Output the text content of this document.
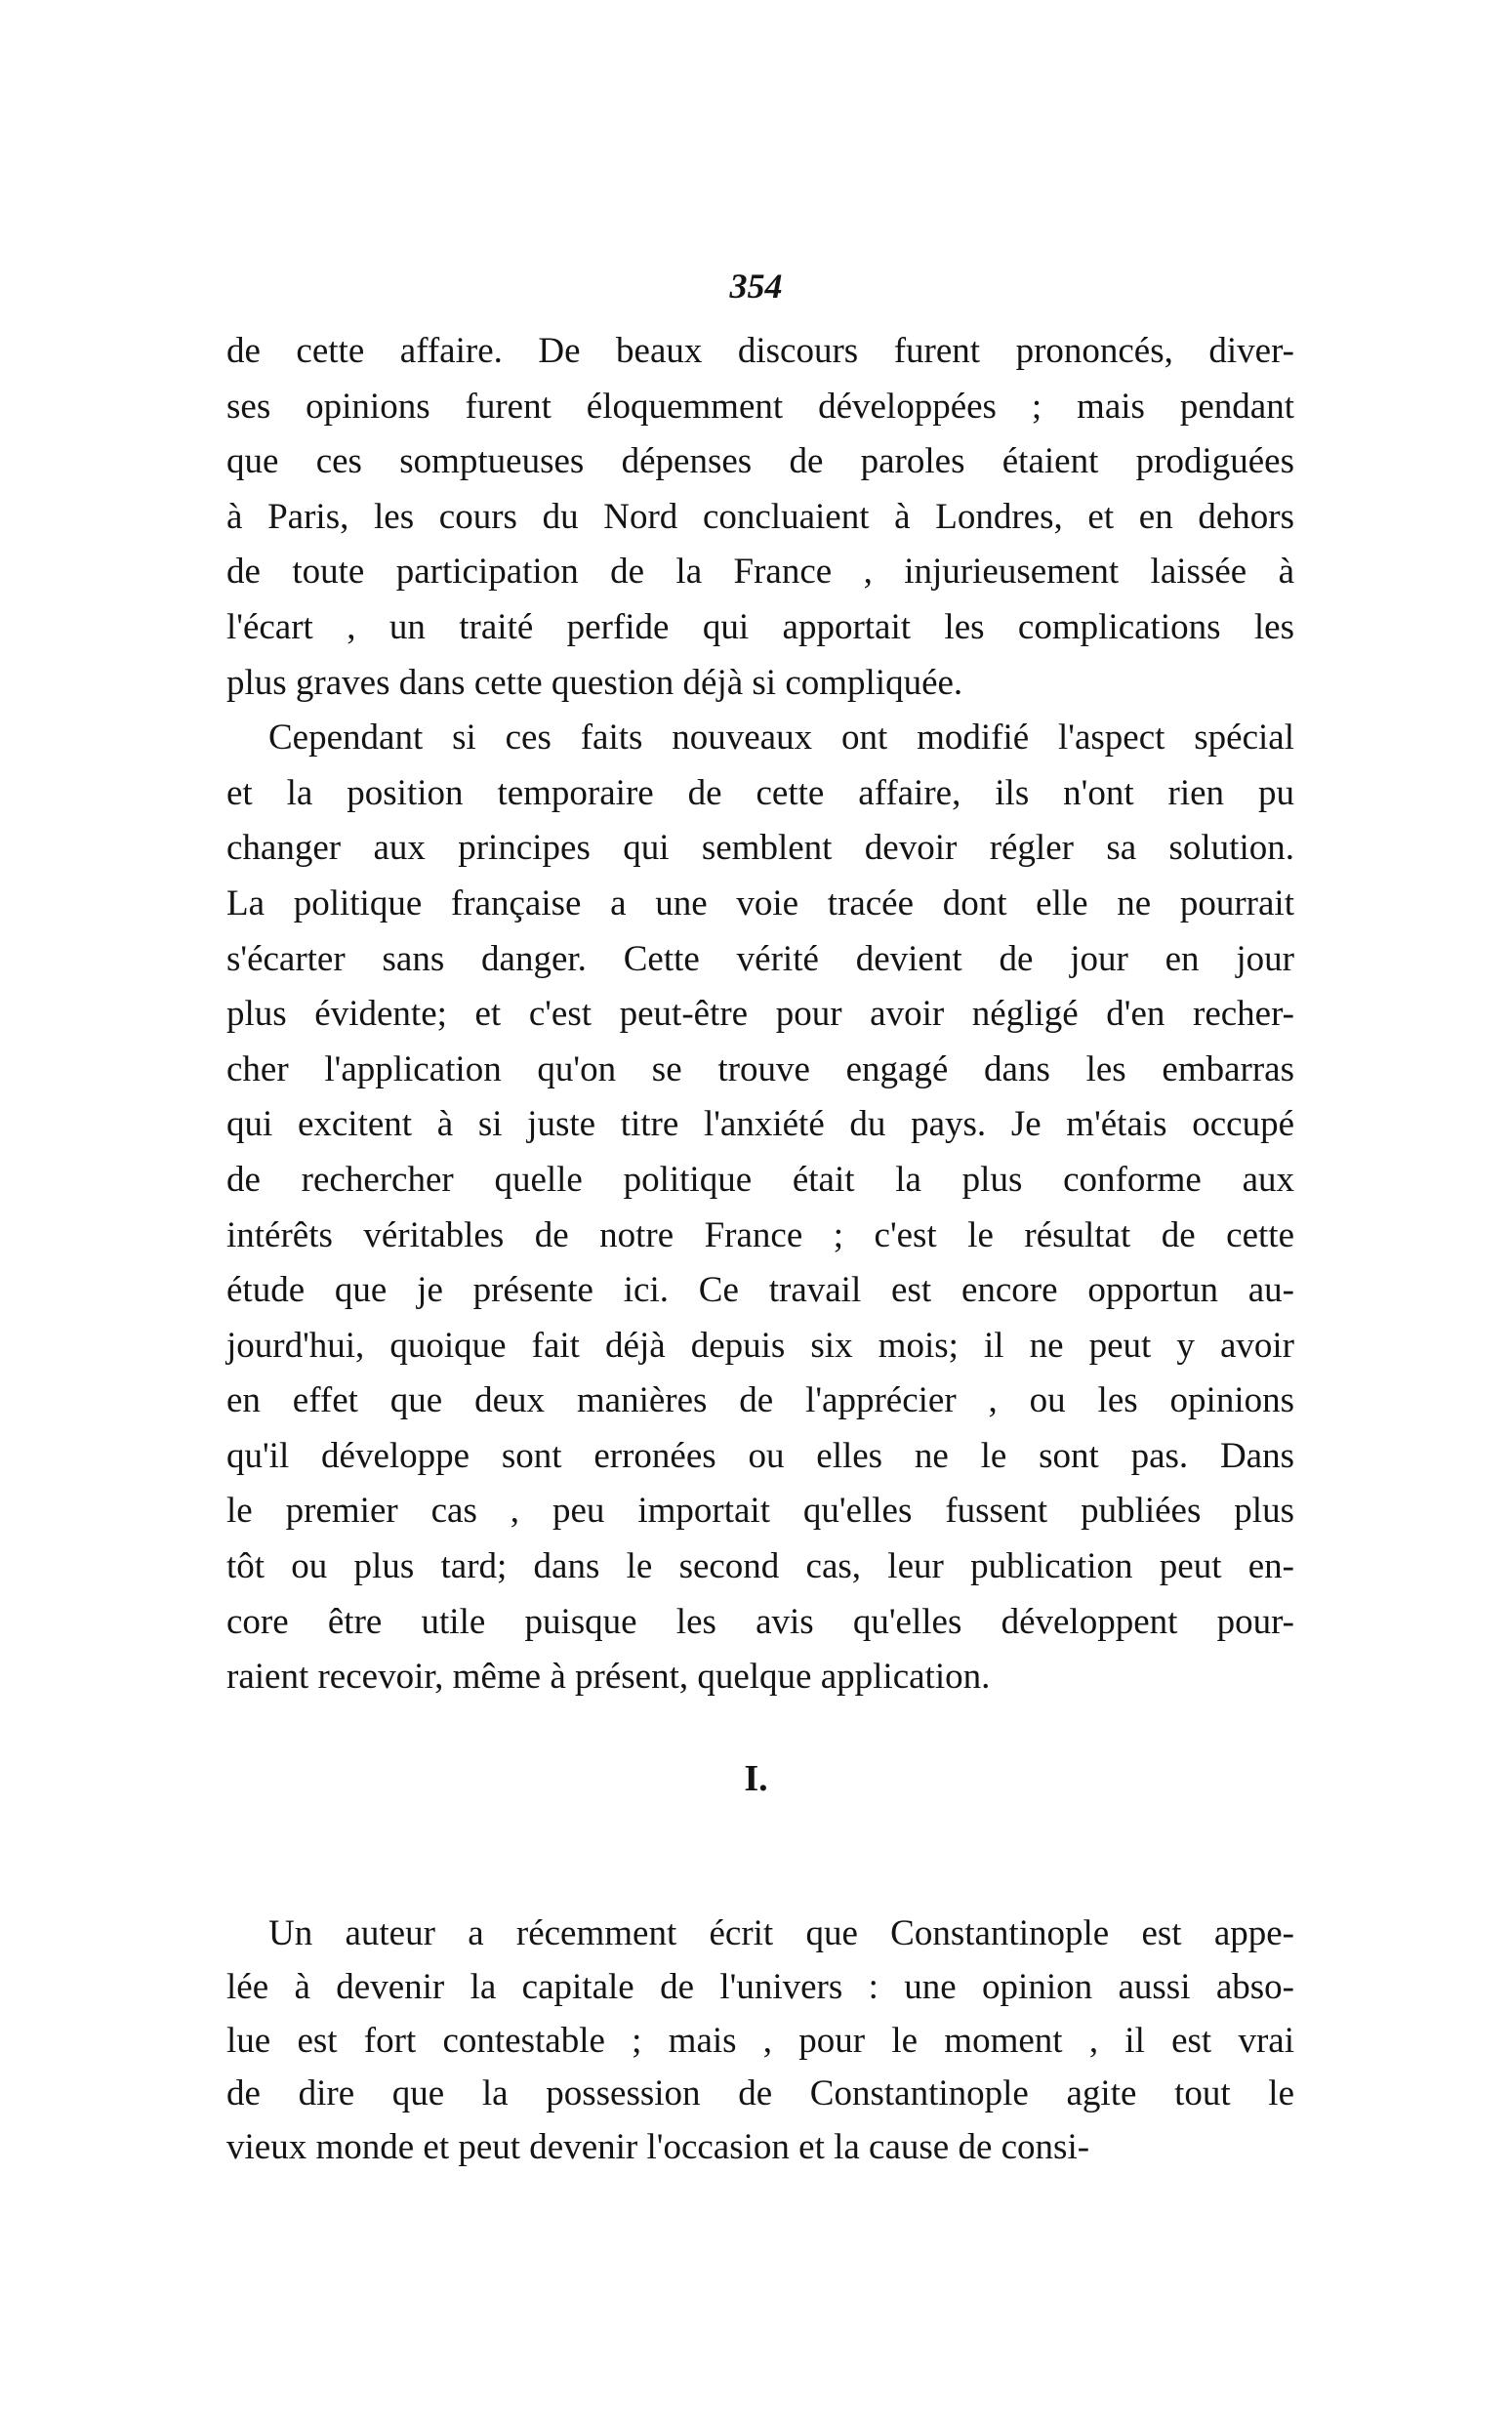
354
de cette affaire. De beaux discours furent prononcés, diver-
ses opinions furent éloquemment développées ; mais pendant
que ces somptueuses dépenses de paroles étaient prodiguées
à Paris, les cours du Nord concluaient à Londres, et en dehors
de toute participation de la France , injurieusement laissée à
l'écart , un traité perfide qui apportait les complications les
plus graves dans cette question déjà si compliquée.
Cependant si ces faits nouveaux ont modifié l'aspect spécial
et la position temporaire de cette affaire, ils n'ont rien pu
changer aux principes qui semblent devoir régler sa solution.
La politique française a une voie tracée dont elle ne pourrait
s'écarter sans danger. Cette vérité devient de jour en jour
plus évidente; et c'est peut-être pour avoir négligé d'en recher-
cher l'application qu'on se trouve engagé dans les embarras
qui excitent à si juste titre l'anxiété du pays. Je m'étais occupé
de rechercher quelle politique était la plus conforme aux
intérêts véritables de notre France ; c'est le résultat de cette
étude que je présente ici. Ce travail est encore opportun au-
jourd'hui, quoique fait déjà depuis six mois; il ne peut y avoir
en effet que deux manières de l'apprécier , ou les opinions
qu'il développe sont erronées ou elles ne le sont pas. Dans
le premier cas , peu importait qu'elles fussent publiées plus
tôt ou plus tard; dans le second cas, leur publication peut en-
core être utile puisque les avis qu'elles développent pour-
raient recevoir, même à présent, quelque application.
I.
Un auteur a récemment écrit que Constantinople est appe-
lée à devenir la capitale de l'univers : une opinion aussi abso-
lue est fort contestable ; mais , pour le moment , il est vrai
de dire que la possession de Constantinople agite tout le
vieux monde et peut devenir l'occasion et la cause de consi-
